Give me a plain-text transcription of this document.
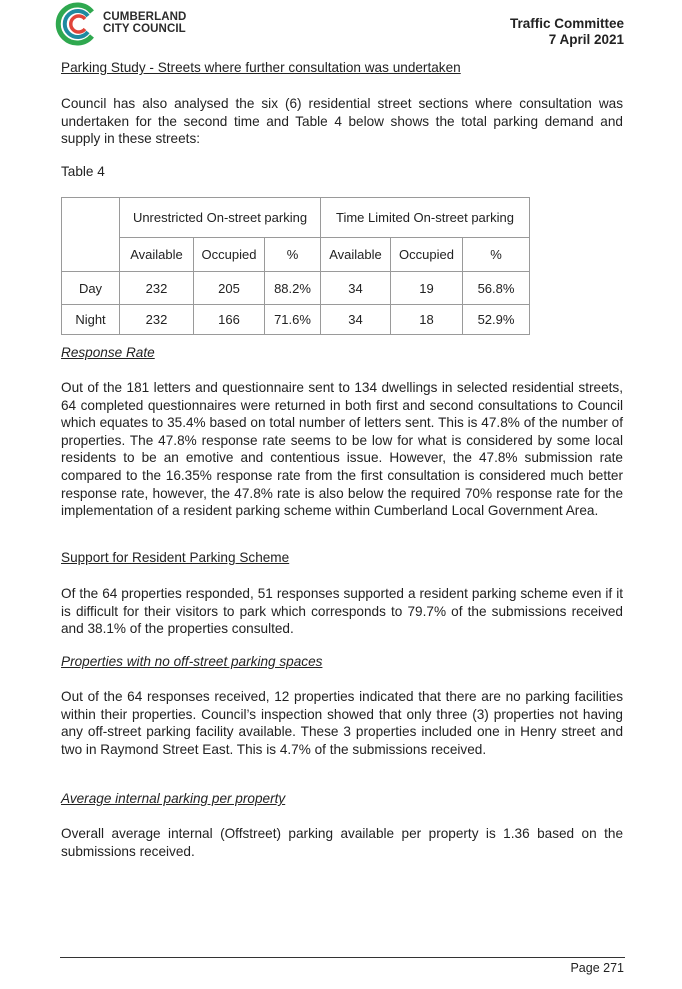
CUMBERLAND
CITY COUNCIL	Traffic Committee
7 April 2021
Parking Study - Streets where further consultation was undertaken
Council has also analysed the six (6) residential street sections where consultation was undertaken for the second time and Table 4 below shows the total parking demand and supply in these streets:
Table 4
	Unrestricted On-street parking			Time Limited On-street parking		
	Available	Occupied	%	Available	Occupied	%
Day	232	205	88.2%	34	19	56.8%
Night	232	166	71.6%	34	18	52.9%
Response Rate
Out of the 181 letters and questionnaire sent to 134 dwellings in selected residential streets, 64 completed questionnaires were returned in both first and second consultations to Council which equates to 35.4% based on total number of letters sent. This is 47.8% of the number of properties. The 47.8% response rate seems to be low for what is considered by some local residents to be an emotive and contentious issue. However, the 47.8% submission rate compared to the 16.35% response rate from the first consultation is considered much better response rate, however, the 47.8% rate is also below the required 70% response rate for the implementation of a resident parking scheme within Cumberland Local Government Area.
Support for Resident Parking Scheme
Of the 64 properties responded, 51 responses supported a resident parking scheme even if it is difficult for their visitors to park which corresponds to 79.7% of the submissions received and 38.1% of the properties consulted.
Properties with no off-street parking spaces
Out of the 64 responses received, 12 properties indicated that there are no parking facilities within their properties. Council’s inspection showed that only three (3) properties not having any off-street parking facility available. These 3 properties included one in Henry street and two in Raymond Street East. This is 4.7% of the submissions received.
Average internal parking per property
Overall average internal (Offstreet) parking available per property is 1.36 based on the submissions received.
Page 271
